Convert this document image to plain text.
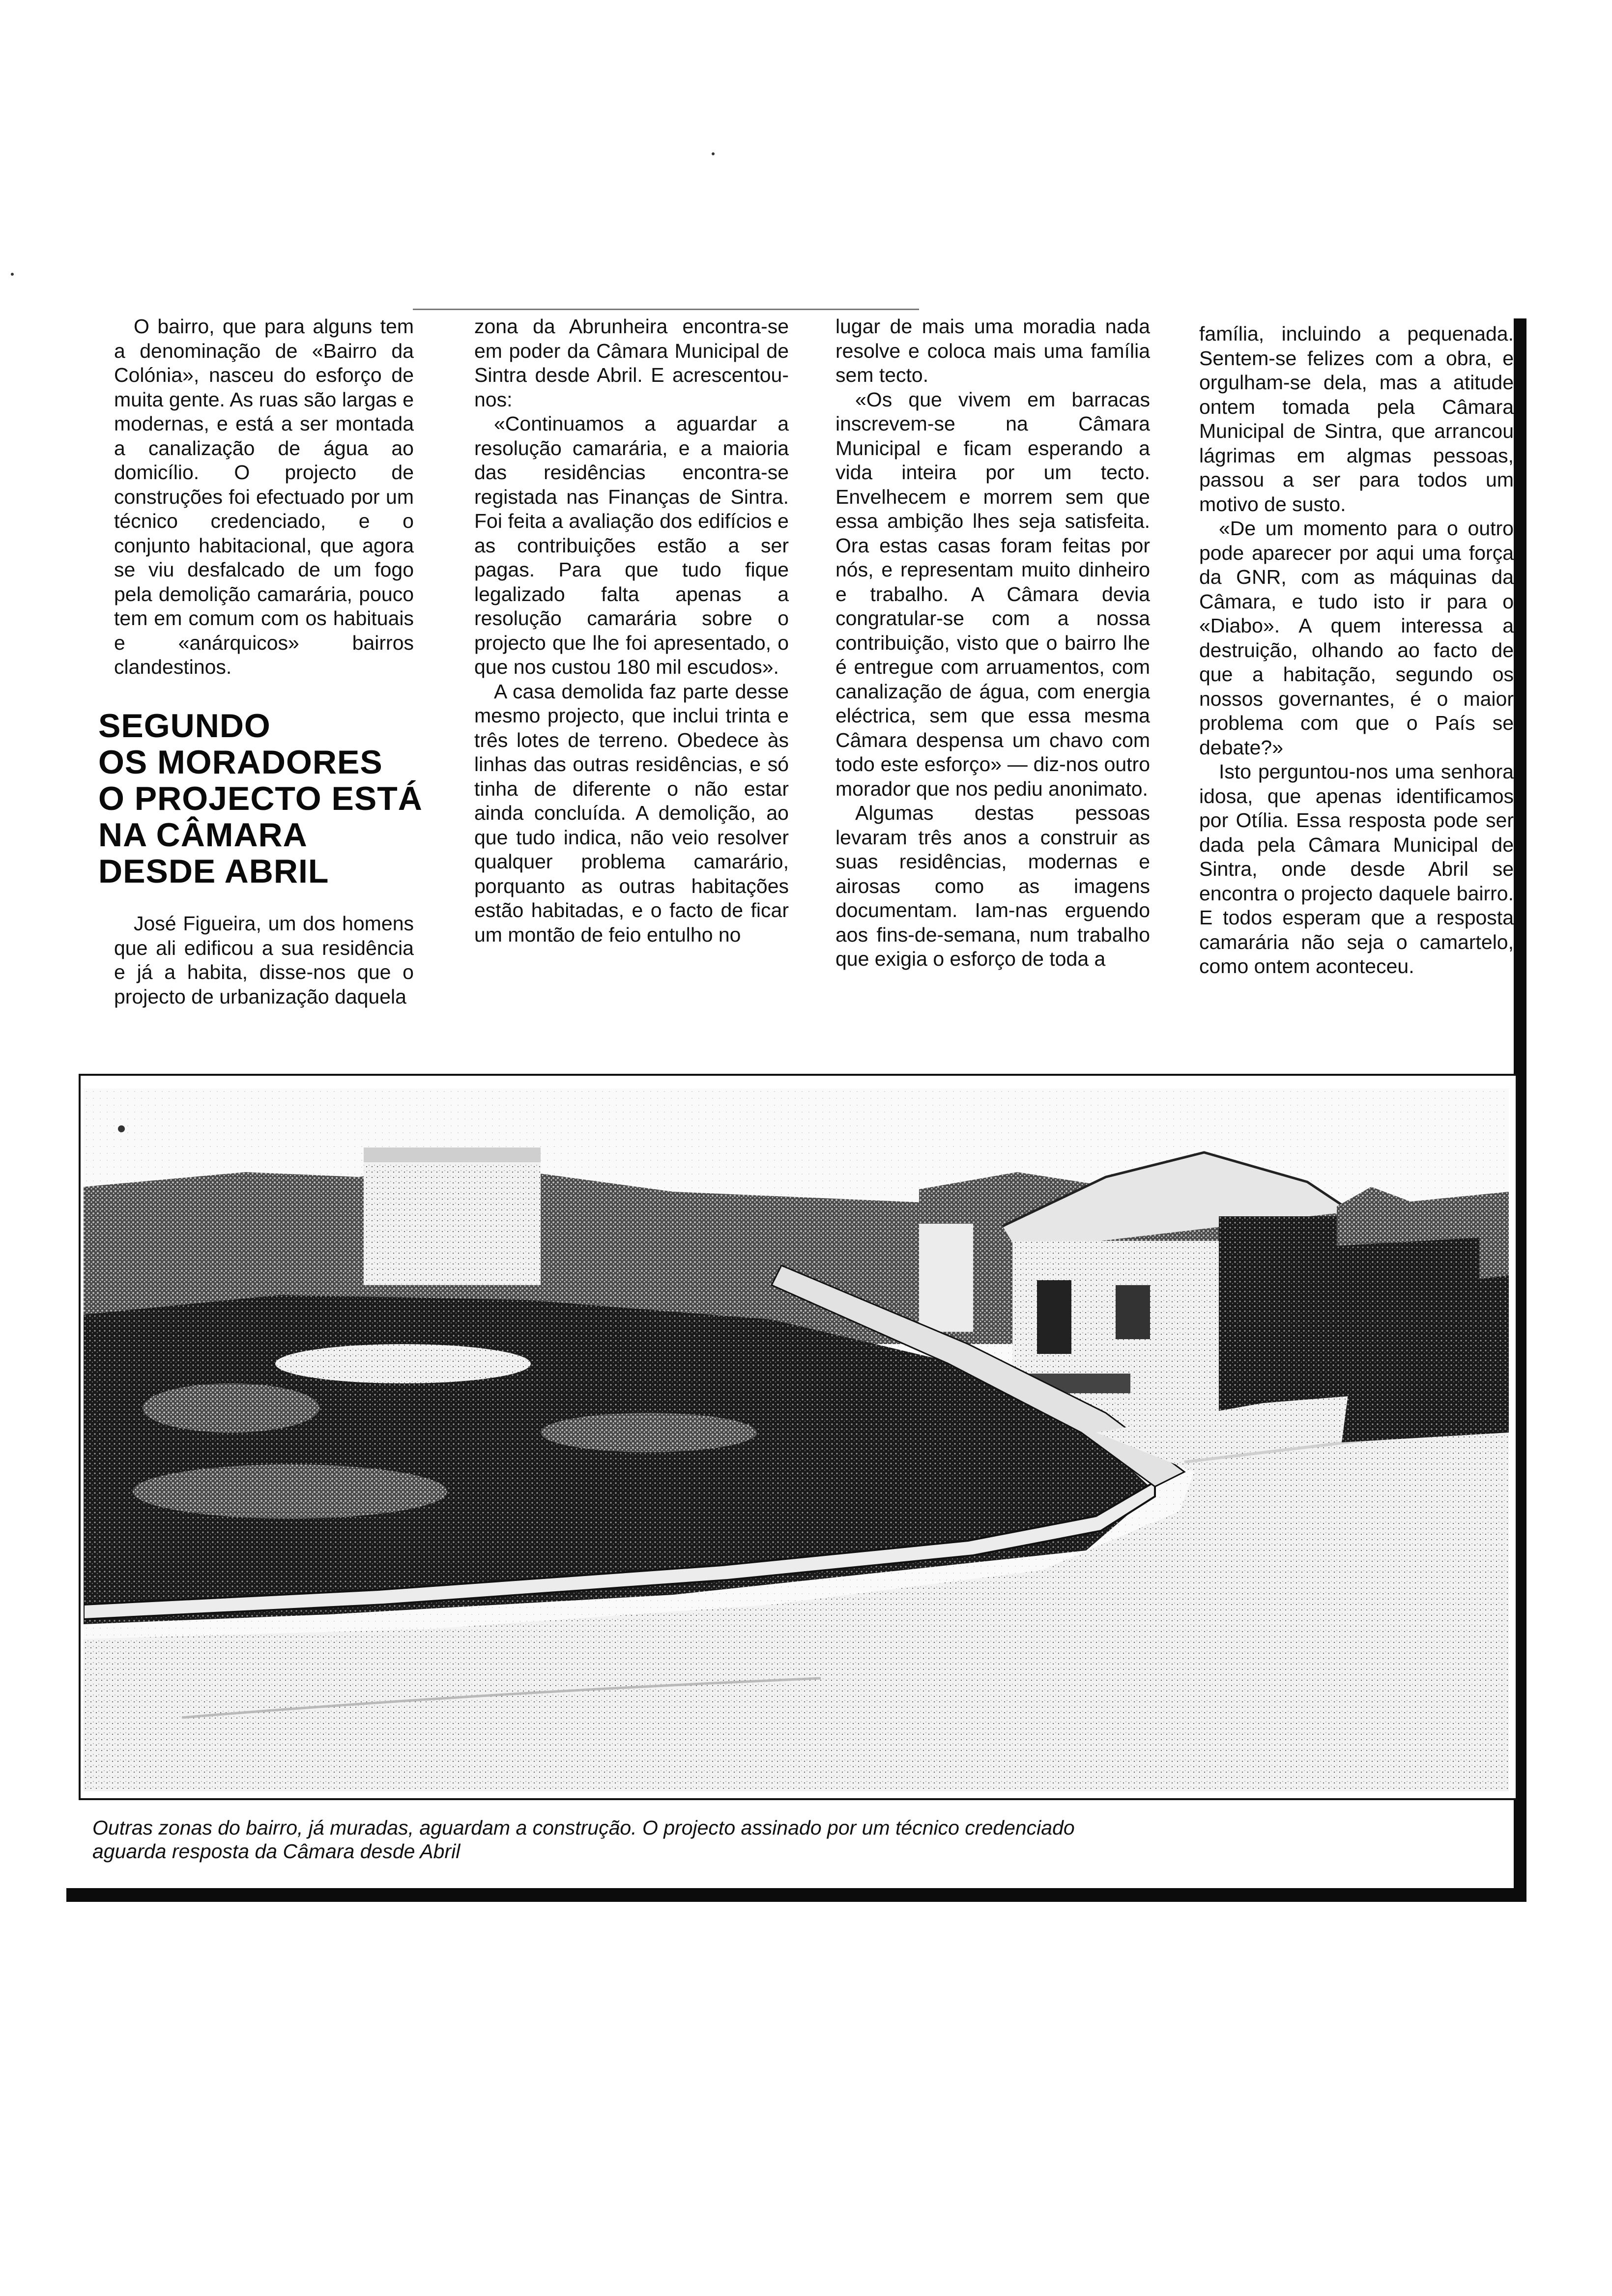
O bairro, que para alguns tem a denominação de «Bairro da Colónia», nasceu do esforço de muita gente. As ruas são largas e modernas, e está a ser montada a canalização de água ao domicílio. O projecto de construções foi efectuado por um técnico credenciado, e o conjunto habitacional, que agora se viu desfalcado de um fogo pela demolição camarária, pouco tem em comum com os habituais e «anárquicos» bairros clandestinos.

SEGUNDO
OS MORADORES
O PROJECTO ESTÁ
NA CÂMARA
DESDE ABRIL

José Figueira, um dos homens que ali edificou a sua residência e já a habita, disse-nos que o projecto de urbanização daquela

zona da Abrunheira encontra-se em poder da Câmara Municipal de Sintra desde Abril. E acrescentou-nos:

«Continuamos a aguardar a resolução camarária, e a maioria das residências encontra-se registada nas Finanças de Sintra. Foi feita a avaliação dos edifícios e as contribuições estão a ser pagas. Para que tudo fique legalizado falta apenas a resolução camarária sobre o projecto que lhe foi apresentado, o que nos custou 180 mil escudos».

A casa demolida faz parte desse mesmo projecto, que inclui trinta e três lotes de terreno. Obedece às linhas das outras residências, e só tinha de diferente o não estar ainda concluída. A demolição, ao que tudo indica, não veio resolver qualquer problema camarário, porquanto as outras habitações estão habitadas, e o facto de ficar um montão de feio entulho no

lugar de mais uma moradia nada resolve e coloca mais uma família sem tecto.

«Os que vivem em barracas inscrevem-se na Câmara Municipal e ficam esperando a vida inteira por um tecto. Envelhecem e morrem sem que essa ambição lhes seja satisfeita. Ora estas casas foram feitas por nós, e representam muito dinheiro e trabalho. A Câmara devia congratular-se com a nossa contribuição, visto que o bairro lhe é entregue com arruamentos, com canalização de água, com energia eléctrica, sem que essa mesma Câmara despensa um chavo com todo este esforço» — diz-nos outro morador que nos pediu anonimato.

Algumas destas pessoas levaram três anos a construir as suas residências, modernas e airosas como as imagens documentam. Iam-nas erguendo aos fins-de-semana, num trabalho que exigia o esforço de toda a

família, incluindo a pequenada. Sentem-se felizes com a obra, e orgulham-se dela, mas a atitude ontem tomada pela Câmara Municipal de Sintra, que arrancou lágrimas em algmas pessoas, passou a ser para todos um motivo de susto.

«De um momento para o outro pode aparecer por aqui uma força da GNR, com as máquinas da Câmara, e tudo isto ir para o «Diabo». A quem interessa a destruição, olhando ao facto de que a habitação, segundo os nossos governantes, é o maior problema com que o País se debate?»

Isto perguntou-nos uma senhora idosa, que apenas identificamos por Otília. Essa resposta pode ser dada pela Câmara Municipal de Sintra, onde desde Abril se encontra o projecto daquele bairro. E todos esperam que a resposta camarária não seja o camartelo, como ontem aconteceu.

Outras zonas do bairro, já muradas, aguardam a construção. O projecto assinado por um técnico credenciado
aguarda resposta da Câmara desde Abril
